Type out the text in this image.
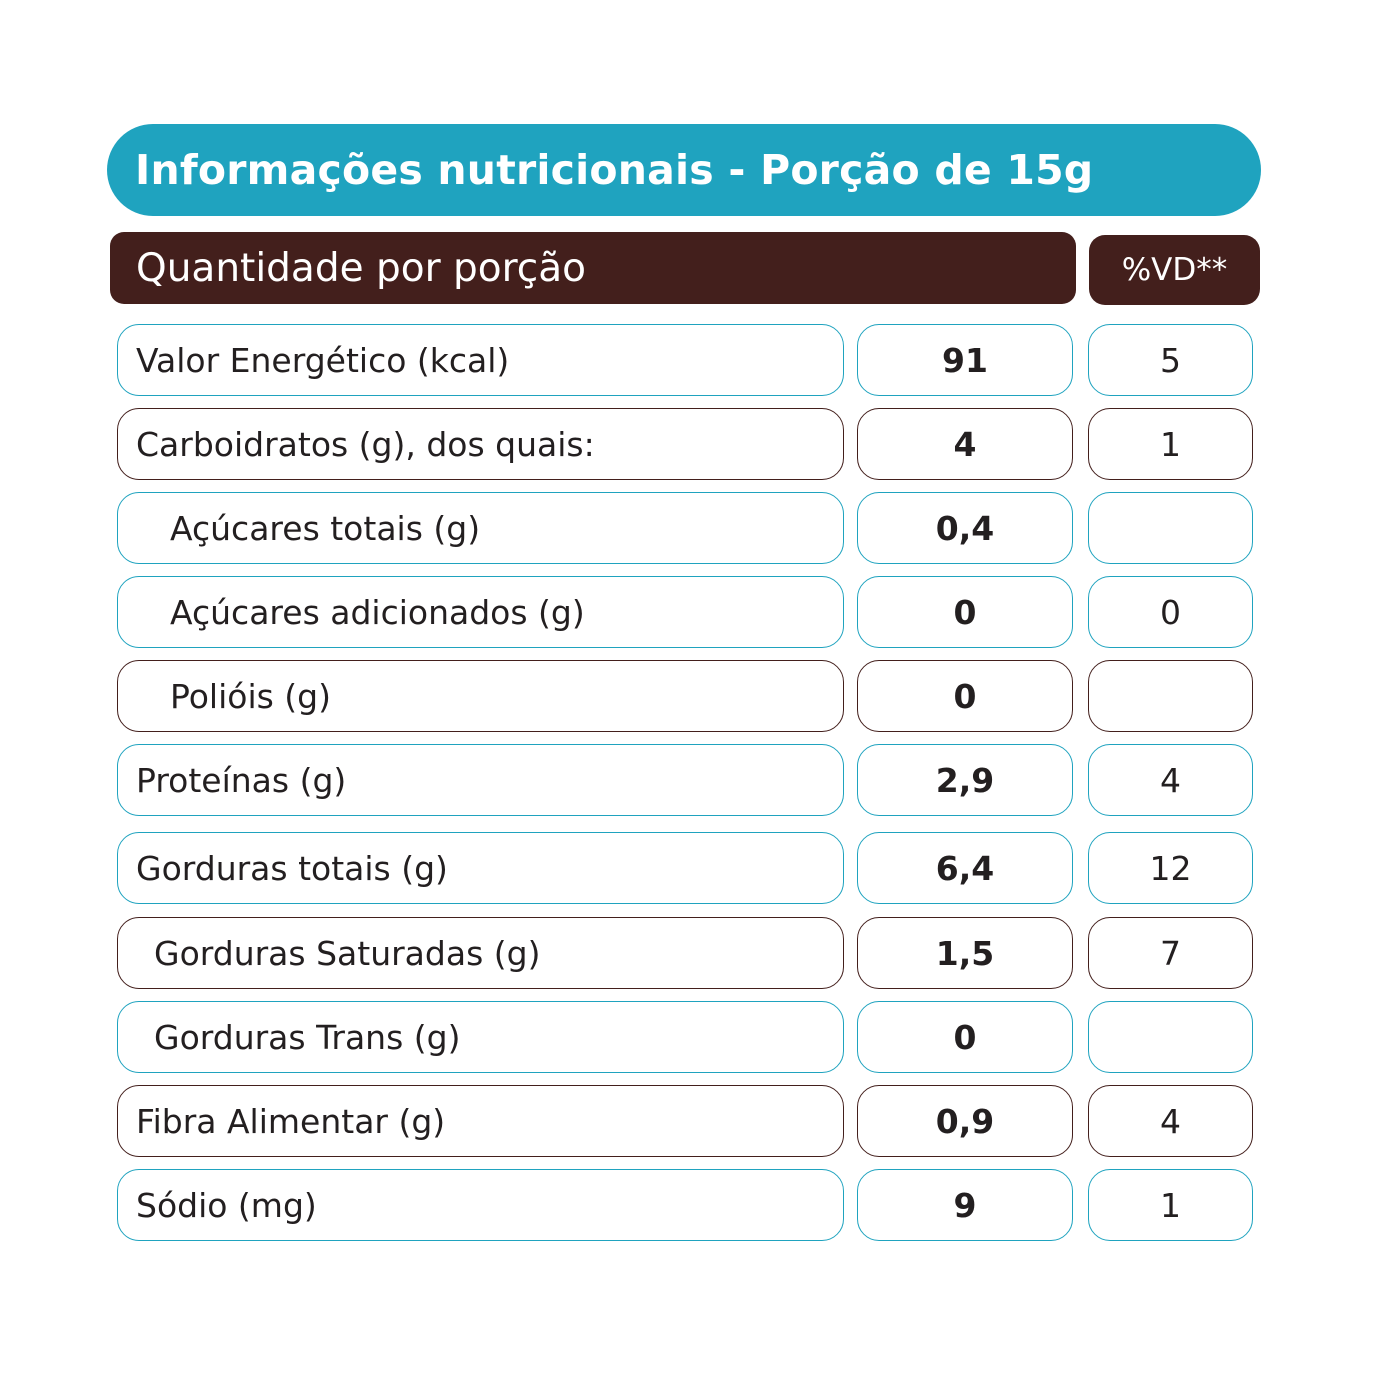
Informações nutricionais - Porção de 15g
Quantidade por porção	%VD**
Valor Energético (kcal)	91	5
Carboidratos (g), dos quais:	4	1
Açúcares totais (g)	0,4
Açúcares adicionados (g)	0	0
Polióis (g)	0
Proteínas (g)	2,9	4
Gorduras totais (g)	6,4	12
Gorduras Saturadas (g)	1,5	7
Gorduras Trans (g)	0
Fibra Alimentar (g)	0,9	4
Sódio (mg)	9	1
